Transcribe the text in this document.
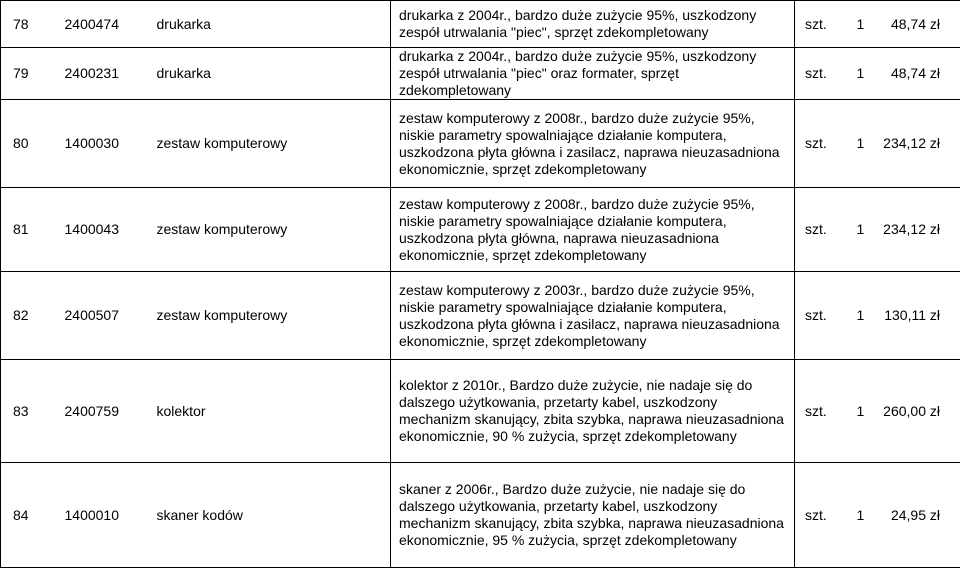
78	2400474	drukarka	drukarka z 2004r., bardzo duże zużycie 95%, uszkodzony zespół utrwalania "piec", sprzęt zdekompletowany	szt.	1	48,74 zł
79	2400231	drukarka	drukarka z 2004r., bardzo duże zużycie 95%, uszkodzony zespół utrwalania "piec" oraz formater, sprzęt zdekompletowany	szt.	1	48,74 zł
80	1400030	zestaw komputerowy	zestaw komputerowy z 2008r., bardzo duże zużycie 95%, niskie parametry spowalniające działanie komputera, uszkodzona płyta główna i zasilacz, naprawa nieuzasadniona ekonomicznie, sprzęt zdekompletowany	szt.	1	234,12 zł
81	1400043	zestaw komputerowy	zestaw komputerowy z 2008r., bardzo duże zużycie 95%, niskie parametry spowalniające działanie komputera, uszkodzona płyta główna, naprawa nieuzasadniona ekonomicznie, sprzęt zdekompletowany	szt.	1	234,12 zł
82	2400507	zestaw komputerowy	zestaw komputerowy z 2003r., bardzo duże zużycie 95%, niskie parametry spowalniające działanie komputera, uszkodzona płyta główna i zasilacz, naprawa nieuzasadniona ekonomicznie, sprzęt zdekompletowany	szt.	1	130,11 zł
83	2400759	kolektor	kolektor z 2010r., Bardzo duże zużycie, nie nadaje się do dalszego użytkowania, przetarty kabel, uszkodzony mechanizm skanujący, zbita szybka, naprawa nieuzasadniona ekonomicznie, 90 % zużycia, sprzęt zdekompletowany	szt.	1	260,00 zł
84	1400010	skaner kodów	skaner z 2006r., Bardzo duże zużycie, nie nadaje się do dalszego użytkowania, przetarty kabel, uszkodzony mechanizm skanujący, zbita szybka, naprawa nieuzasadniona ekonomicznie, 95 % zużycia, sprzęt zdekompletowany	szt.	1	24,95 zł
